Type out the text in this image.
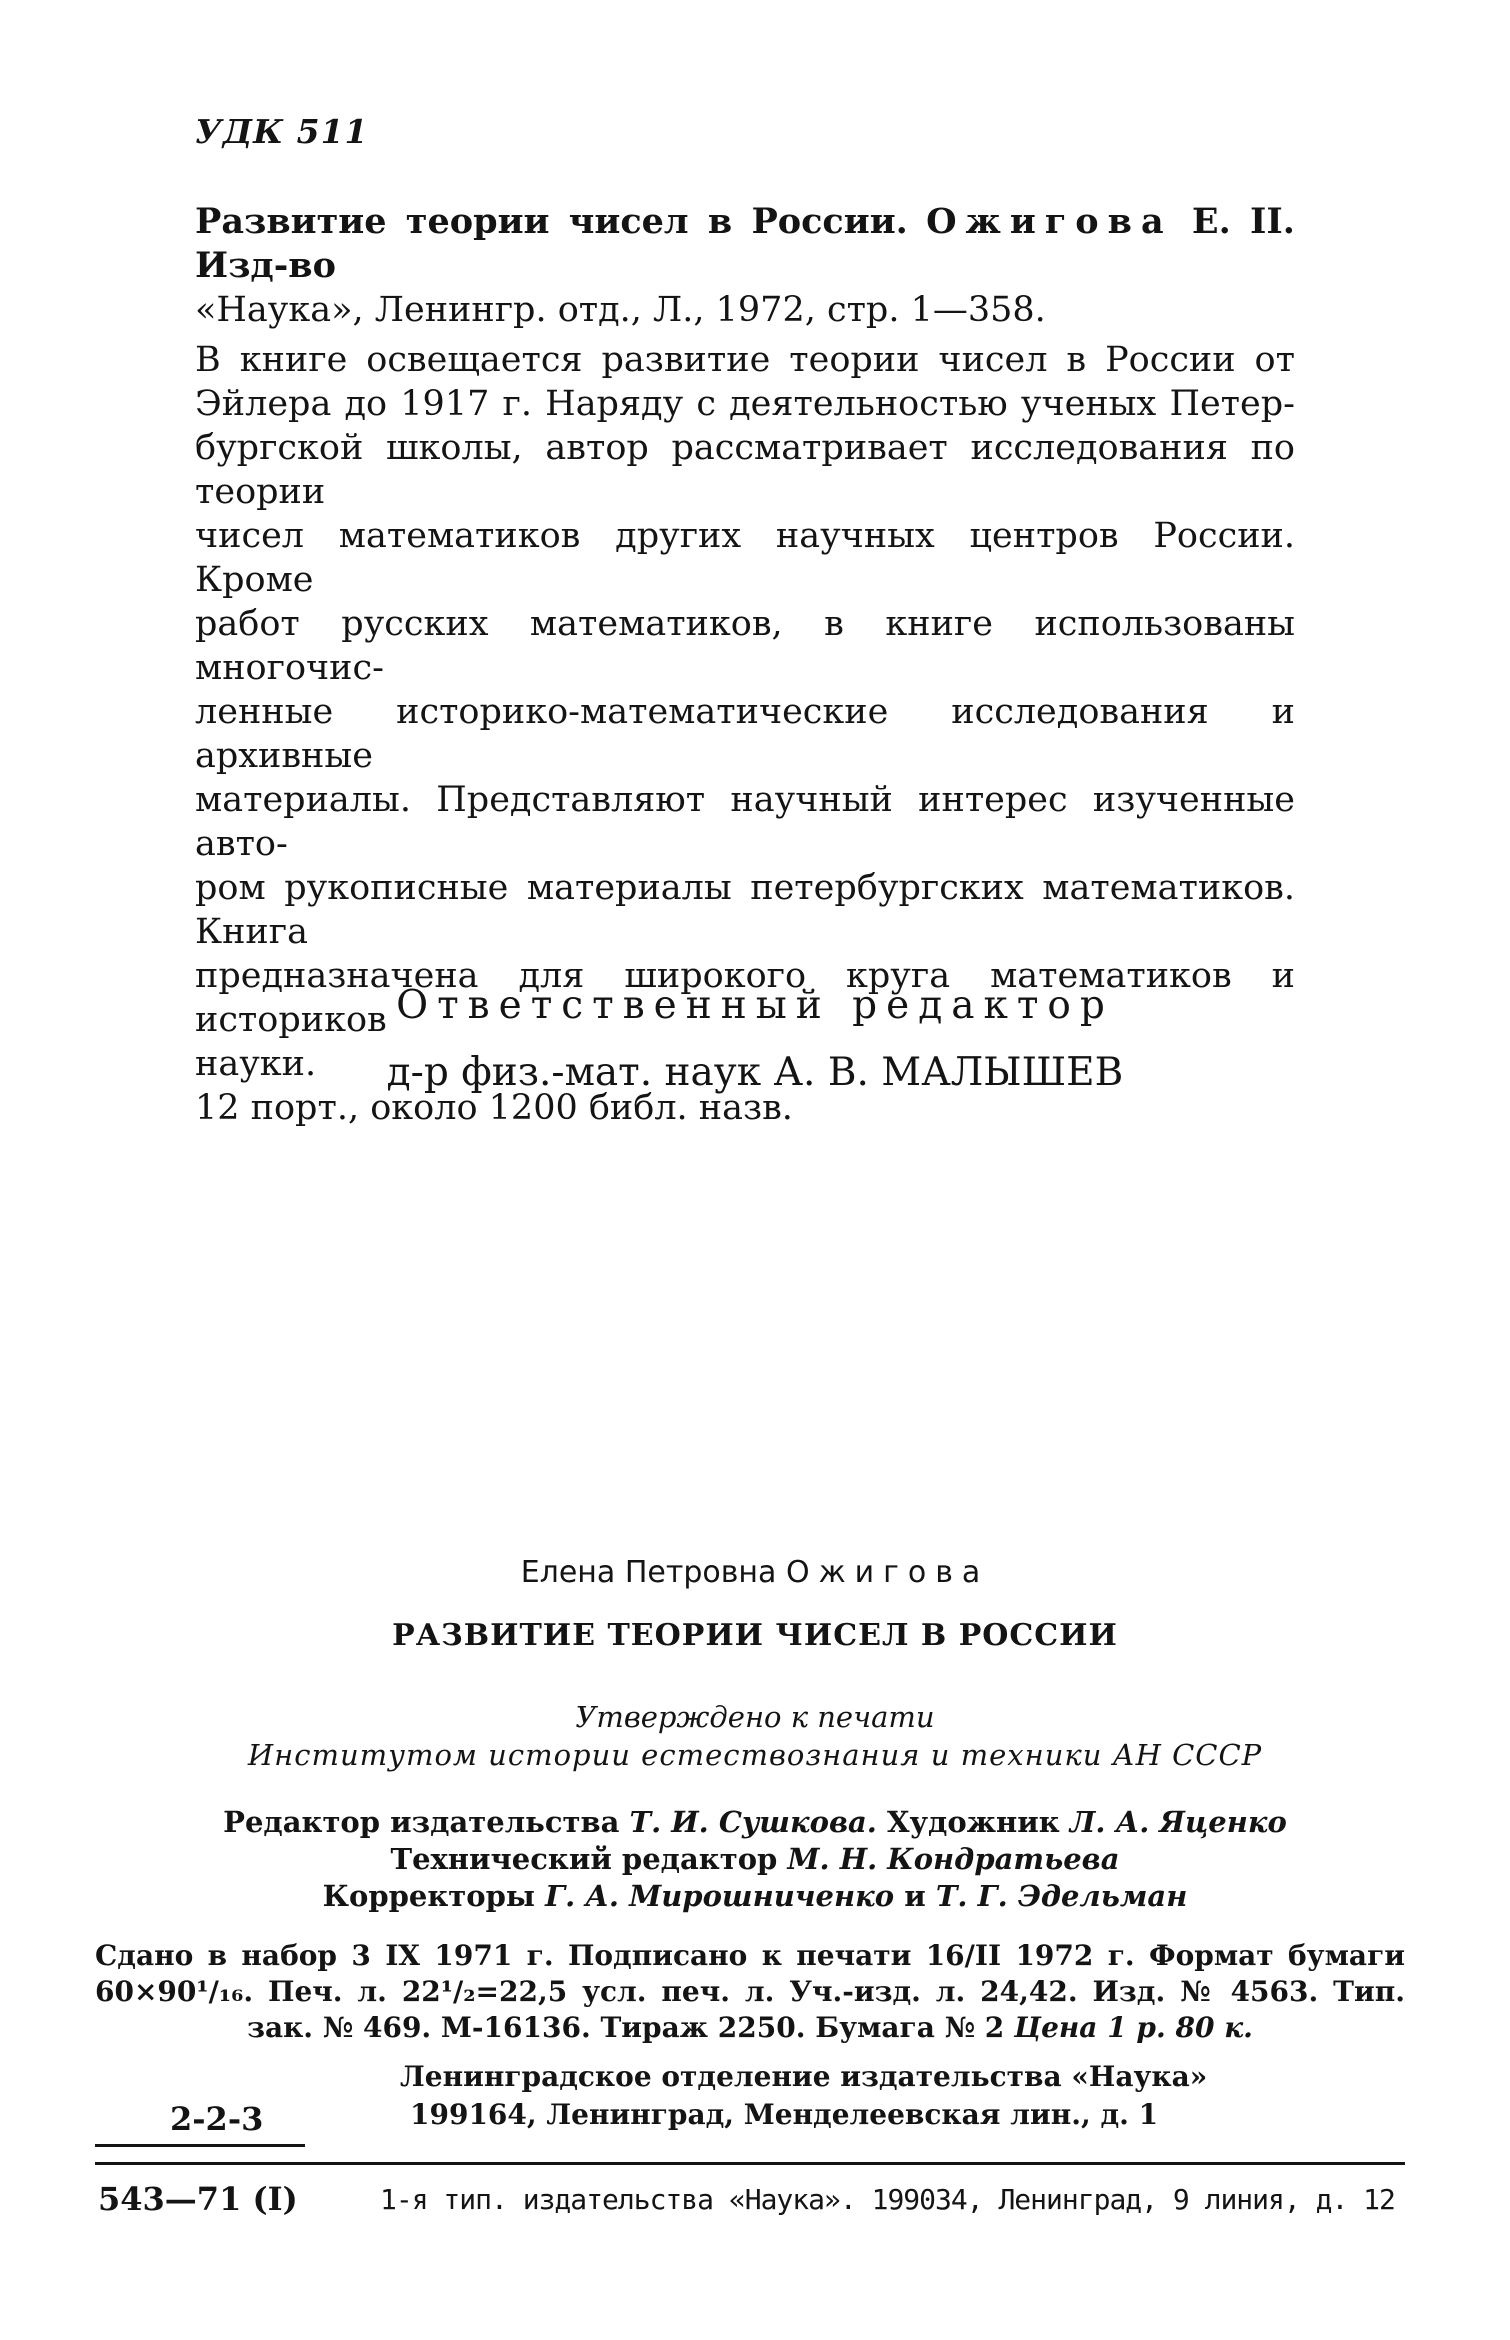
УДК 511

Развитие теории чисел в России. Ожигова Е. II. Изд-во

«Наука», Ленингр. отд., Л., 1972, стр. 1—358.

В книге освещается развитие теории чисел в России от

Эйлера до 1917 г. Наряду с деятельностью ученых Петер-

бургской школы, автор рассматривает исследования по теории

чисел математиков других научных центров России. Кроме

работ русских математиков, в книге использованы многочис-

ленные историко-математические исследования и архивные

материалы. Представляют научный интерес изученные авто-

ром рукописные материалы петербургских математиков. Книга

предназначена для широкого круга математиков и историков

науки.

12 порт., около 1200 библ. назв.

Ответственный редактор
д-р физ.-мат. наук А. В. МАЛЫШЕВ
Елена Петровна Ожигова
РАЗВИТИЕ ТЕОРИИ ЧИСЕЛ В РОССИИ
Утверждено к печати
Институтом истории естествознания и техники АН СССР
Редактор издательства Т. И. Сушкова. Художник Л. А. Яценко
Технический редактор М. Н. Кондратьева
Корректоры Г. А. Мирошниченко и Т. Г. Эдельман

Сдано в набор 3 IX 1971 г. Подписано к печати 16/II 1972 г. Формат бумаги

60×90¹/₁₆. Печ. л. 22¹/₂=22,5 усл. печ. л. Уч.-изд. л. 24,42. Изд. № 4563. Тип.

зак. № 469. М-16136. Тираж 2250. Бумага № 2 Цена 1 р. 80 к.

Ленинградское отделение издательства «Наука»
199164, Ленинград, Менделеевская лин., д. 1
2-2-3
543—71 (I)	1-я тип. издательства «Наука». 199034, Ленинград, 9 линия, д. 12
